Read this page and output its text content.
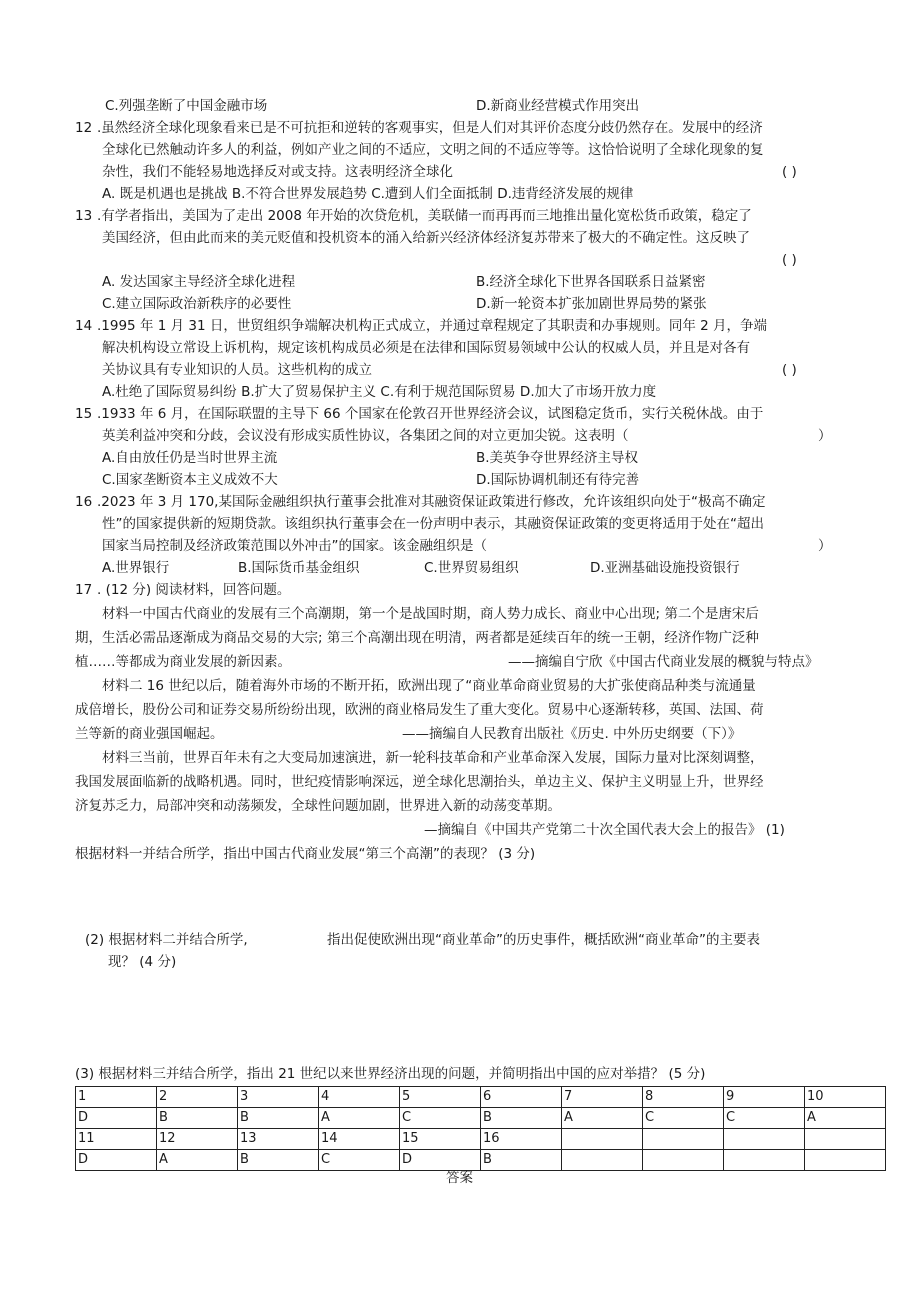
C.列强垄断了中国金融市场	D.新商业经营模式作用突出
12 .虽然经济全球化现象看来已是不可抗拒和逆转的客观事实，但是人们对其评价态度分歧仍然存在。发展中的经济
全球化已然触动许多人的利益，例如产业之间的不适应，文明之间的不适应等等。这恰恰说明了全球化现象的复
杂性，我们不能轻易地选择反对或支持。这表明经济全球化
A. 既是机遇也是挑战 B.不符合世界发展趋势 C.遭到人们全面抵制 D.违背经济发展的规律
( )
13 .有学者指出，美国为了走出 2008 年开始的次贷危机，美联储一而再再而三地推出量化宽松货币政策，稳定了
美国经济，但由此而来的美元贬值和投机资本的涌入给新兴经济体经济复苏带来了极大的不确定性。这反映了
( )
A. 发达国家主导经济全球化进程	B.经济全球化下世界各国联系日益紧密
C.建立国际政治新秩序的必要性	D.新一轮资本扩张加剧世界局势的紧张
14 .1995 年 1 月 31 日，世贸组织争端解决机构正式成立，并通过章程规定了其职责和办事规则。同年 2 月，争端
解决机构设立常设上诉机构，规定该机构成员必须是在法律和国际贸易领域中公认的权威人员，并且是对各有
关协议具有专业知识的人员。这些机构的成立	( )
A.杜绝了国际贸易纠纷 B.扩大了贸易保护主义 C.有利于规范国际贸易 D.加大了市场开放力度
15 .1933 年 6 月，在国际联盟的主导下 66 个国家在伦敦召开世界经济会议，试图稳定货币，实行关税休战。由于
英美利益冲突和分歧，会议没有形成实质性协议，各集团之间的对立更加尖锐。这表明（	）
A.自由放任仍是当时世界主流	B.美英争夺世界经济主导权
C.国家垄断资本主义成效不大	D.国际协调机制还有待完善
16 .2023 年 3 月 170,某国际金融组织执行董事会批准对其融资保证政策进行修改，允许该组织向处于“极高不确定
性”的国家提供新的短期贷款。该组织执行董事会在一份声明中表示，其融资保证政策的变更将适用于处在“超出
国家当局控制及经济政策范围以外冲击”的国家。该金融组织是（	）
A.世界银行	B.国际货币基金组织	C.世界贸易组织	D.亚洲基础设施投资银行
17 . (12 分) 阅读材料，回答问题。
材料一中国古代商业的发展有三个高潮期，第一个是战国时期，商人势力成长、商业中心出现; 第二个是唐宋后
期，生活必需品逐渐成为商品交易的大宗; 第三个高潮出现在明清，两者都是延续百年的统一王朝，经济作物广泛种
植……等都成为商业发展的新因素。	——摘编自宁欣《中国古代商业发展的概貌与特点》
材料二 16 世纪以后，随着海外市场的不断开拓，欧洲出现了“商业革命商业贸易的大扩张使商品种类与流通量
成倍增长，股份公司和证券交易所纷纷出现，欧洲的商业格局发生了重大变化。贸易中心逐渐转移，英国、法国、荷
兰等新的商业强国崛起。	——摘编自人民教育出版社《历史. 中外历史纲要（下）》
材料三当前，世界百年未有之大变局加速演进，新一轮科技革命和产业革命深入发展，国际力量对比深刻调整，
我国发展面临新的战略机遇。同时，世纪疫情影响深远，逆全球化思潮抬头，单边主义、保护主义明显上升，世界经
济复苏乏力，局部冲突和动荡频发，全球性问题加剧，世界进入新的动荡变革期。
—摘编自《中国共产党第二十次全国代表大会上的报告》 (1)
根据材料一并结合所学，指出中国古代商业发展“第三个高潮”的表现？ (3 分)
(2) 根据材料二并结合所学,	指出促使欧洲出现“商业革命”的历史事件，概括欧洲“商业革命”的主要表
现？ (4 分)
(3) 根据材料三并结合所学，指出 21 世纪以来世界经济出现的问题，并简明指出中国的应对举措？ (5 分)
1	2	3	4	5	6	7	8	9	10
D	B	B	A	C	B	A	C	C	A
11	12	13	14	15	16				
D	A	B	C	D	B				
答案
